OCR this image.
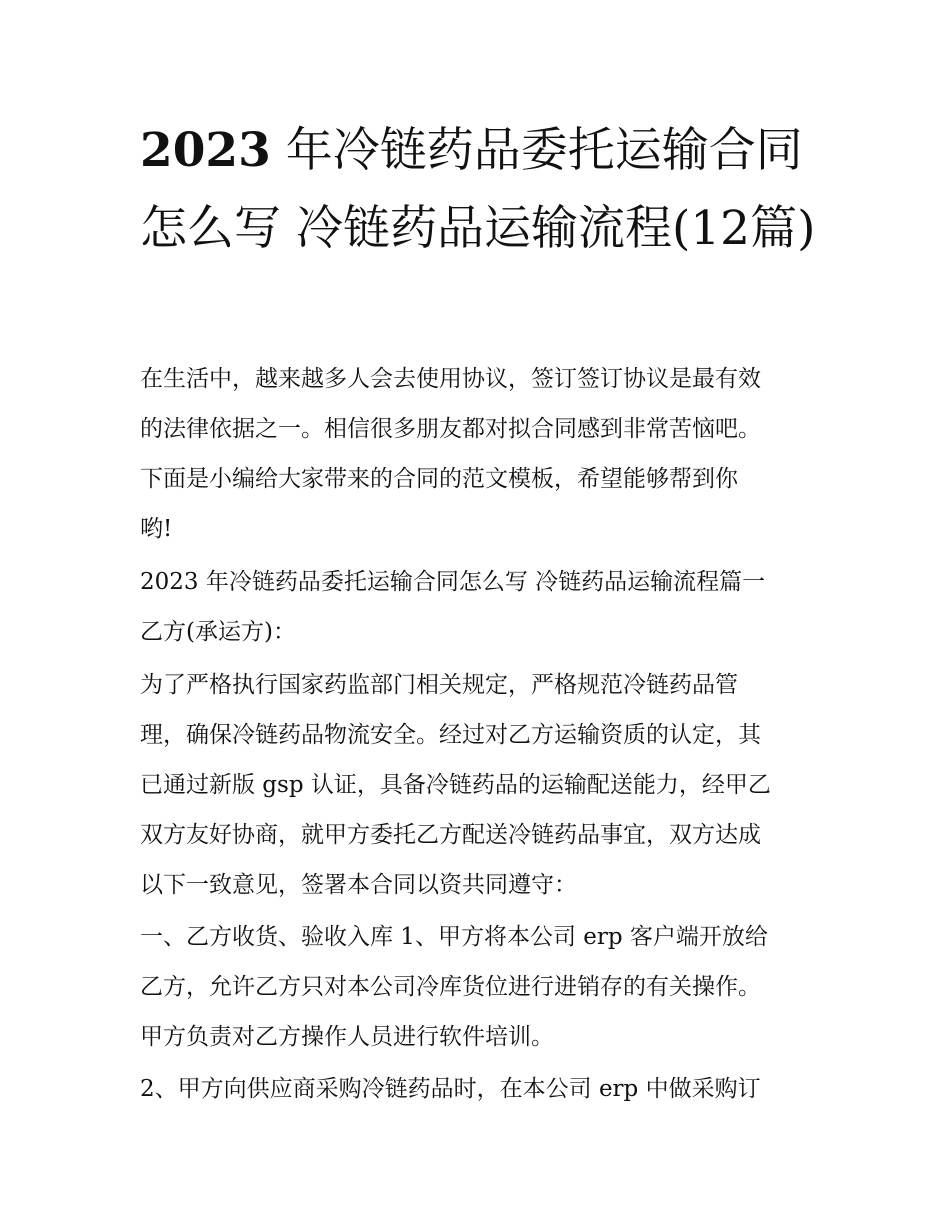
2023 年冷链药品委托运输合同怎么写 冷链药品运输流程(12篇)

在生活中，越来越多人会去使用协议，签订签订协议是最有效

的法律依据之一。相信很多朋友都对拟合同感到非常苦恼吧。

下面是小编给大家带来的合同的范文模板，希望能够帮到你

哟!

2023 年冷链药品委托运输合同怎么写 冷链药品运输流程篇一

乙方(承运方)：

为了严格执行国家药监部门相关规定，严格规范冷链药品管

理，确保冷链药品物流安全。经过对乙方运输资质的认定，其

已通过新版 gsp 认证，具备冷链药品的运输配送能力，经甲乙

双方友好协商，就甲方委托乙方配送冷链药品事宜，双方达成

以下一致意见，签署本合同以资共同遵守：

一、乙方收货、验收入库 1、甲方将本公司 erp 客户端开放给

乙方，允许乙方只对本公司冷库货位进行进销存的有关操作。

甲方负责对乙方操作人员进行软件培训。

2、甲方向供应商采购冷链药品时，在本公司 erp 中做采购订
